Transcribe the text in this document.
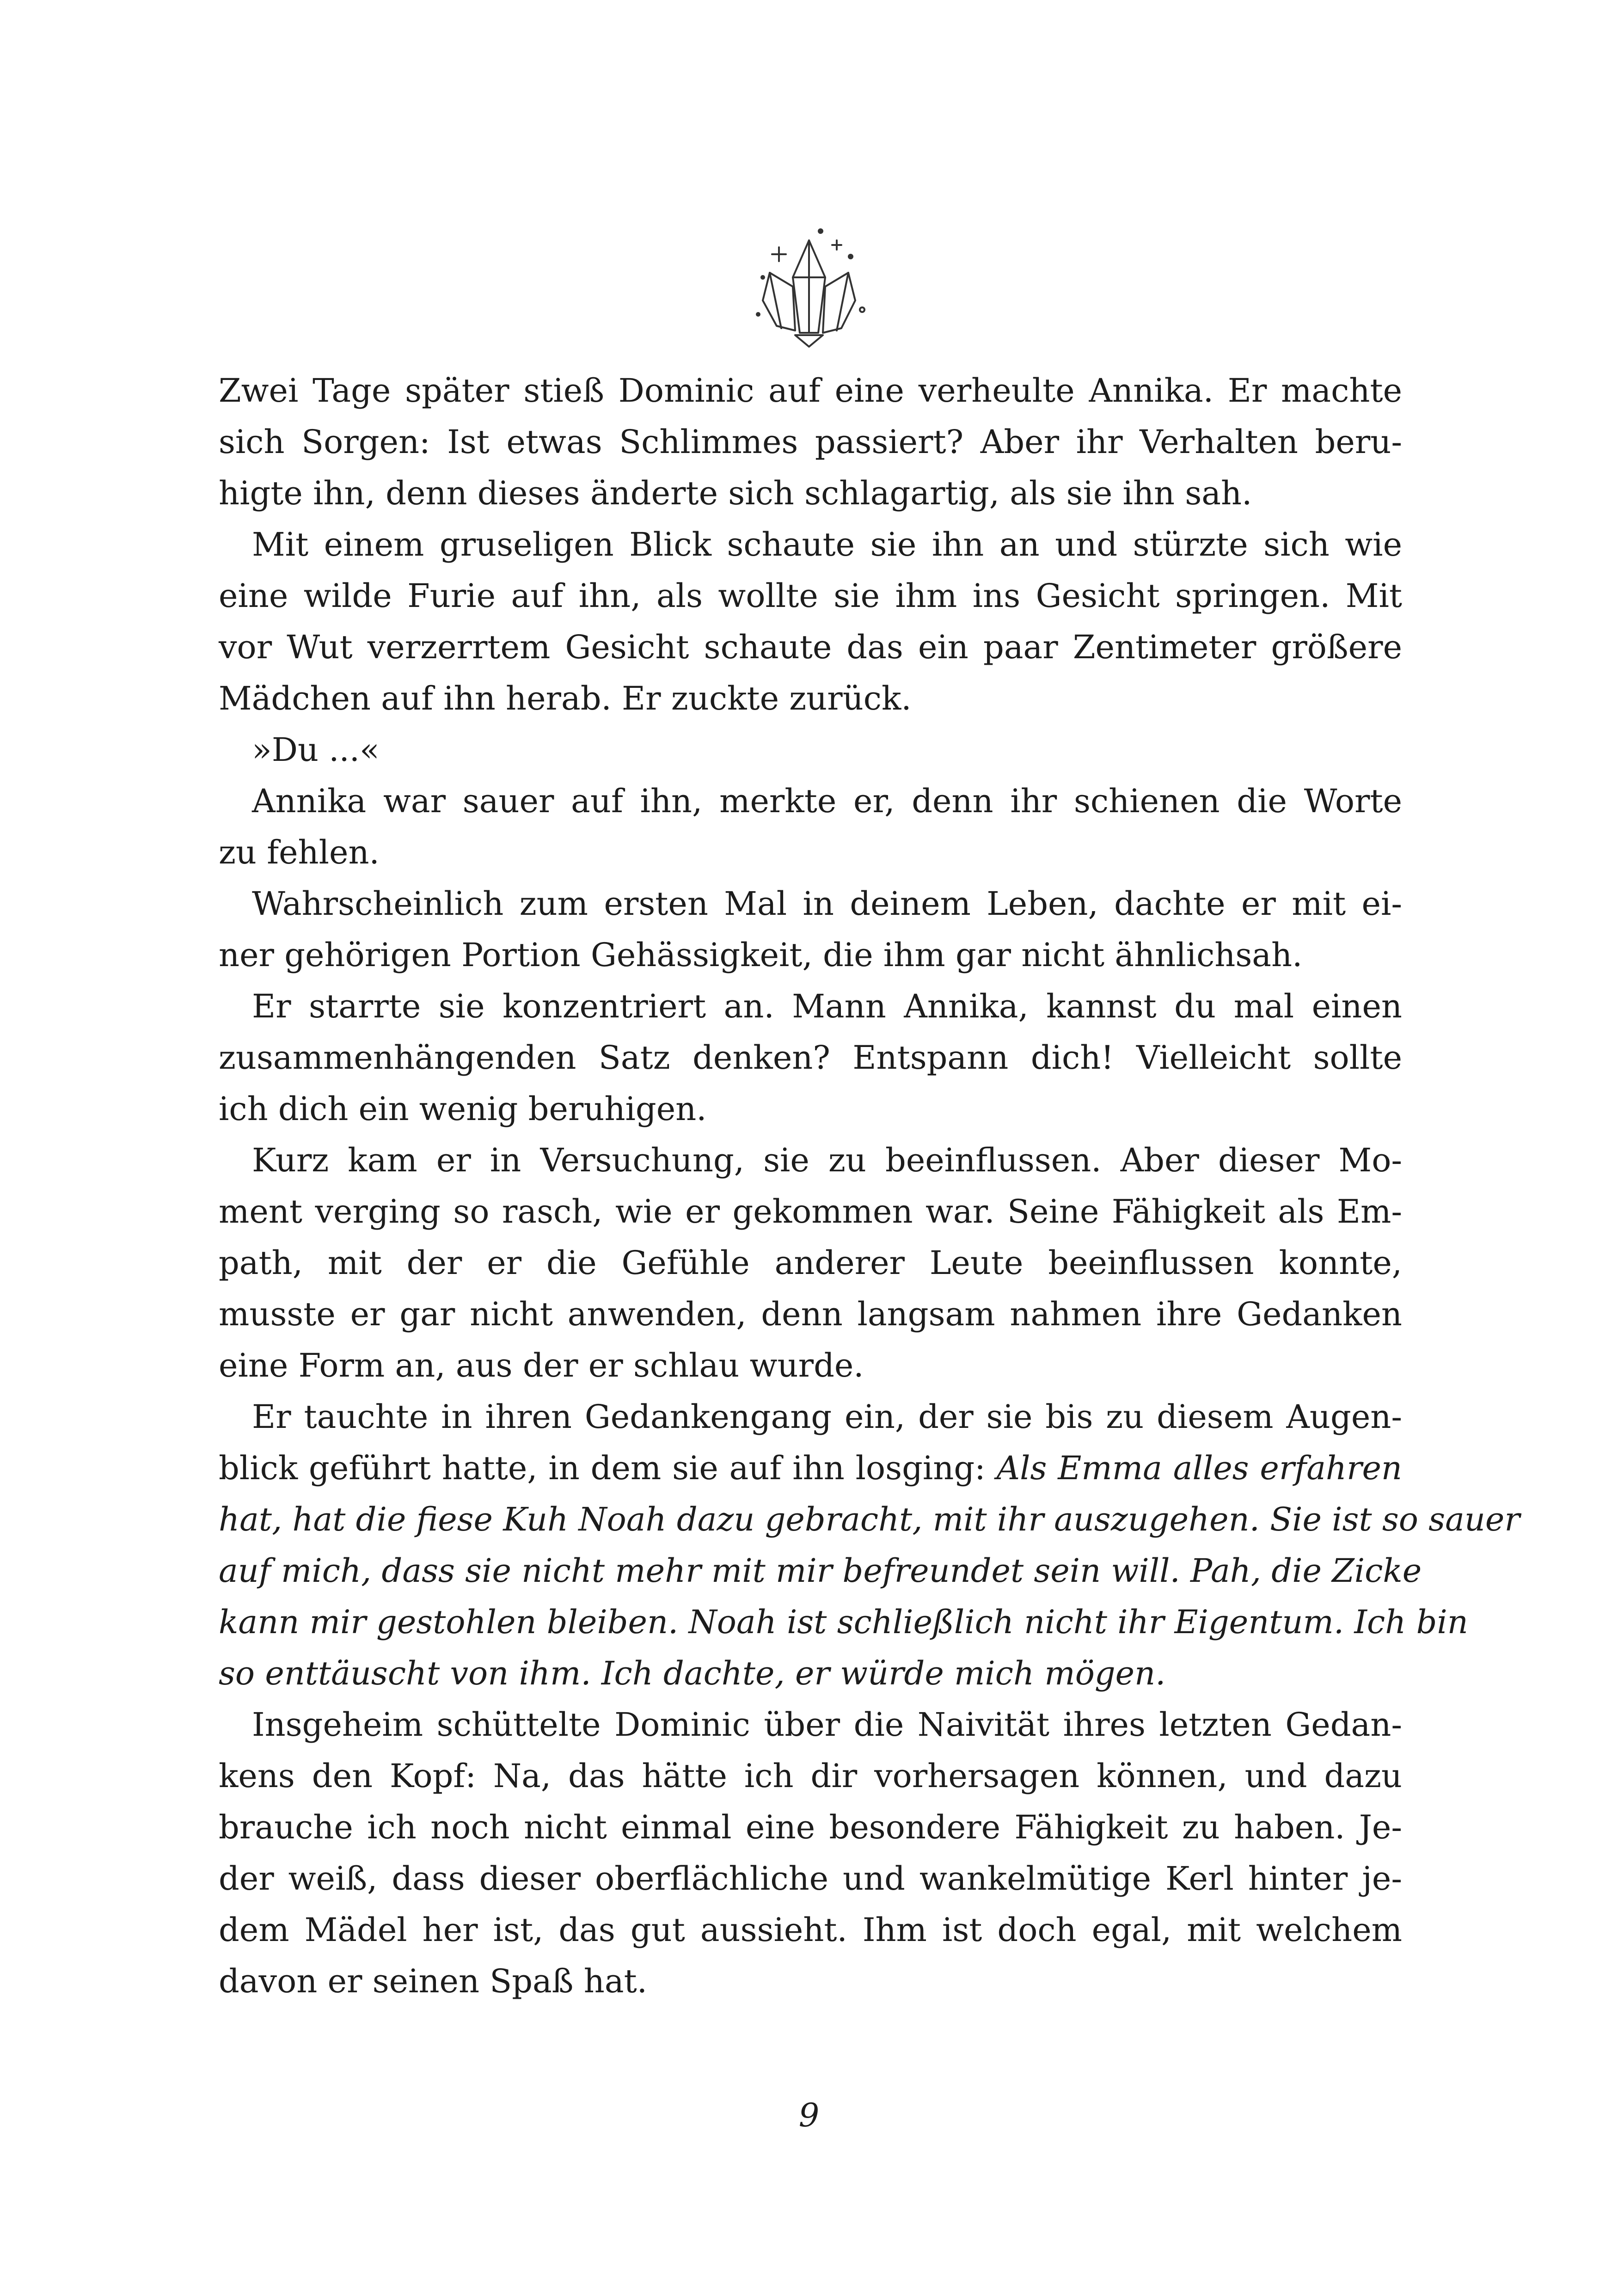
Zwei Tage später stieß Dominic auf eine verheulte Annika. Er machte
sich Sorgen: Ist etwas Schlimmes passiert? Aber ihr Verhalten beru-
higte ihn, denn dieses änderte sich schlagartig, als sie ihn sah.
Mit einem gruseligen Blick schaute sie ihn an und stürzte sich wie
eine wilde Furie auf ihn, als wollte sie ihm ins Gesicht springen. Mit
vor Wut verzerrtem Gesicht schaute das ein paar Zentimeter größere
Mädchen auf ihn herab. Er zuckte zurück.
»Du ...«
Annika war sauer auf ihn, merkte er, denn ihr schienen die Worte
zu fehlen.
Wahrscheinlich zum ersten Mal in deinem Leben, dachte er mit ei-
ner gehörigen Portion Gehässigkeit, die ihm gar nicht ähnlichsah.
Er starrte sie konzentriert an. Mann Annika, kannst du mal einen
zusammenhängenden Satz denken? Entspann dich! Vielleicht sollte
ich dich ein wenig beruhigen.
Kurz kam er in Versuchung, sie zu beeinflussen. Aber dieser Mo-
ment verging so rasch, wie er gekommen war. Seine Fähigkeit als Em-
path, mit der er die Gefühle anderer Leute beeinflussen konnte,
musste er gar nicht anwenden, denn langsam nahmen ihre Gedanken
eine Form an, aus der er schlau wurde.
Er tauchte in ihren Gedankengang ein, der sie bis zu diesem Augen-
blick geführt hatte, in dem sie auf ihn losging: Als Emma alles erfahren
hat, hat die fiese Kuh Noah dazu gebracht, mit ihr auszugehen. Sie ist so sauer
auf mich, dass sie nicht mehr mit mir befreundet sein will. Pah, die Zicke
kann mir gestohlen bleiben. Noah ist schließlich nicht ihr Eigentum. Ich bin
so enttäuscht von ihm. Ich dachte, er würde mich mögen.
Insgeheim schüttelte Dominic über die Naivität ihres letzten Gedan-
kens den Kopf: Na, das hätte ich dir vorhersagen können, und dazu
brauche ich noch nicht einmal eine besondere Fähigkeit zu haben. Je-
der weiß, dass dieser oberflächliche und wankelmütige Kerl hinter je-
dem Mädel her ist, das gut aussieht. Ihm ist doch egal, mit welchem
davon er seinen Spaß hat.
9
